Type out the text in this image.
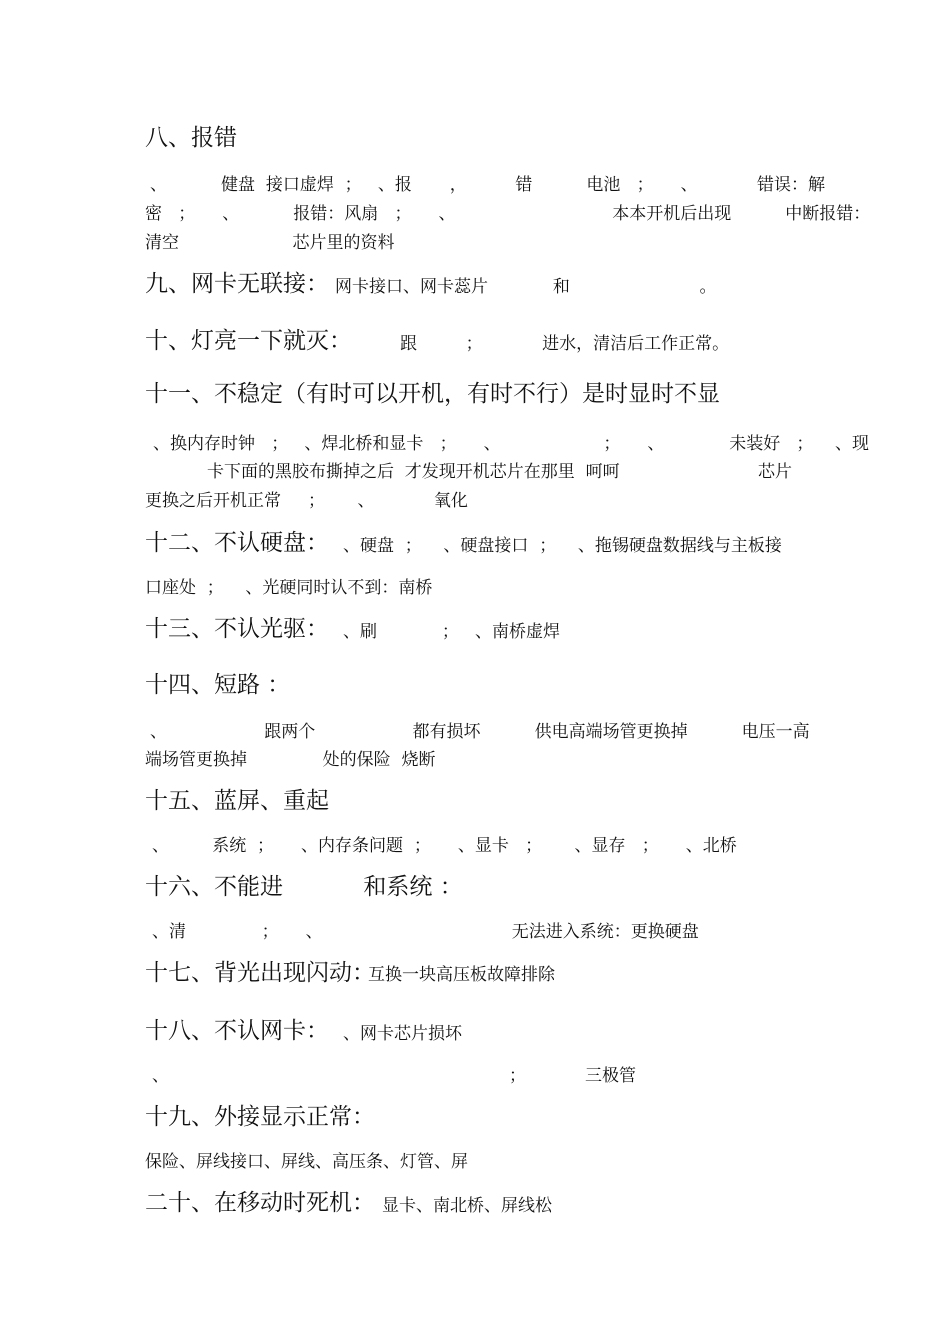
八、报错
、          健盘  接口虚焊  ；   、报       ，         错          电池   ；     、           错误：解
密   ；     、          报错：风扇   ；     、                             本本开机后出现          中断报错：
清空                     芯片里的资料
九、网卡无联接： 网卡接口、网卡蕊片            和                        。
十、灯亮一下就灭：	跟         ；           进水，清洁后工作正常。
十一、不稳定（有时可以开机，有时不行）是时显时不显
、换内存时钟   ；   、焊北桥和显卡   ；     、                   ；     、            未装好   ；    、现
卡下面的黑胶布撕掉之后  才发现开机芯片在那里  呵呵	芯片
更换之后开机正常     ；      、           氧化
十二、不认硬盘： 、硬盘  ；    、硬盘接口  ；    、拖锡硬盘数据线与主板接
口座处  ；    、光硬同时认不到：南桥
十三、不认光驱： 、刷            ；   、南桥虚焊
十四、短路 ：
、                  跟两个                  都有损坏          供电高端场管更换掉          电压一高
端场管更换掉              处的保险  烧断
十五、蓝屏、重起
、        系统  ；     、内存条问题  ；     、显卡   ；      、显存   ；     、北桥
十六、不能进           和系统 ：
、清              ；     、                                   无法进入系统：更换硬盘
十七、背光出现闪动：
互换一块高压板故障排除
十八、不认网卡： 、网卡芯片损坏
、	；	三极管
十九、外接显示正常：
保险、屏线接口、屏线、高压条、灯管、屏
二十、在移动时死机： 显卡、南北桥、屏线松
